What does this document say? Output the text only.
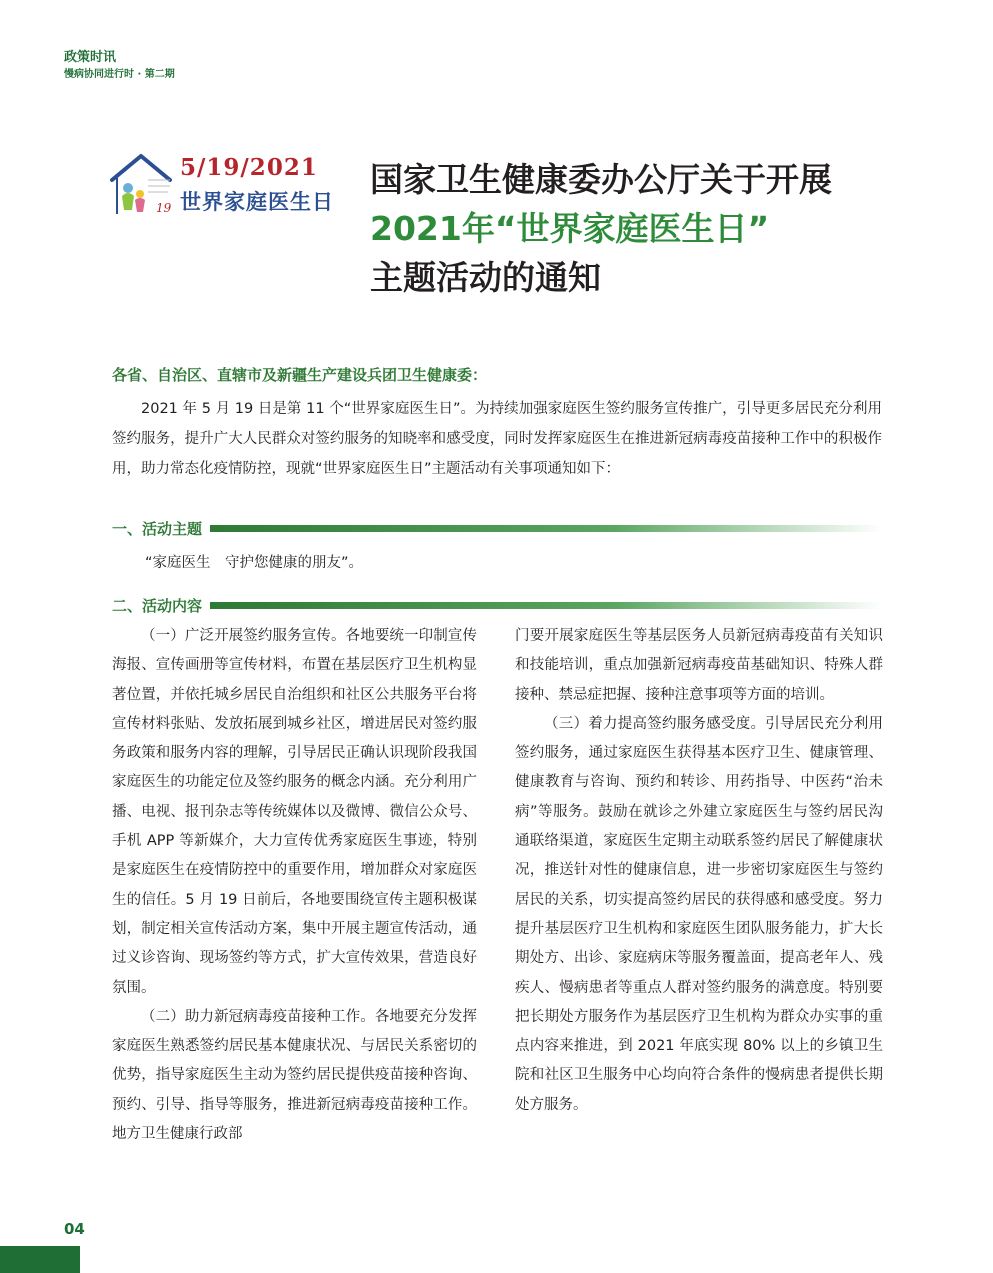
政策时讯
慢病协同进行时 · 第二期
19
5/19/2021
世界家庭医生日
国家卫生健康委办公厅关于开展
2021年“世界家庭医生日”
主题活动的通知
各省、自治区、直辖市及新疆生产建设兵团卫生健康委：
2021 年 5 月 19 日是第 11 个“世界家庭医生日”。为持续加强家庭医生签约服务宣传推广，引导更多居民充分利用签约服务，提升广大人民群众对签约服务的知晓率和感受度，同时发挥家庭医生在推进新冠病毒疫苗接种工作中的积极作用，助力常态化疫情防控，现就“世界家庭医生日”主题活动有关事项通知如下：
一、活动主题
“家庭医生　守护您健康的朋友”。
二、活动内容

（一）广泛开展签约服务宣传。各地要统一印制宣传海报、宣传画册等宣传材料，布置在基层医疗卫生机构显著位置，并依托城乡居民自治组织和社区公共服务平台将宣传材料张贴、发放拓展到城乡社区，增进居民对签约服务政策和服务内容的理解，引导居民正确认识现阶段我国家庭医生的功能定位及签约服务的概念内涵。充分利用广播、电视、报刊杂志等传统媒体以及微博、微信公众号、手机 APP 等新媒介，大力宣传优秀家庭医生事迹，特别是家庭医生在疫情防控中的重要作用，增加群众对家庭医生的信任。5 月 19 日前后，各地要围绕宣传主题积极谋划，制定相关宣传活动方案，集中开展主题宣传活动，通过义诊咨询、现场签约等方式，扩大宣传效果，营造良好氛围。

（二）助力新冠病毒疫苗接种工作。各地要充分发挥家庭医生熟悉签约居民基本健康状况、与居民关系密切的优势，指导家庭医生主动为签约居民提供疫苗接种咨询、预约、引导、指导等服务，推进新冠病毒疫苗接种工作。地方卫生健康行政部

门要开展家庭医生等基层医务人员新冠病毒疫苗有关知识和技能培训，重点加强新冠病毒疫苗基础知识、特殊人群接种、禁忌症把握、接种注意事项等方面的培训。

（三）着力提高签约服务感受度。引导居民充分利用签约服务，通过家庭医生获得基本医疗卫生、健康管理、健康教育与咨询、预约和转诊、用药指导、中医药“治未病”等服务。鼓励在就诊之外建立家庭医生与签约居民沟通联络渠道，家庭医生定期主动联系签约居民了解健康状况，推送针对性的健康信息，进一步密切家庭医生与签约居民的关系，切实提高签约居民的获得感和感受度。努力提升基层医疗卫生机构和家庭医生团队服务能力，扩大长期处方、出诊、家庭病床等服务覆盖面，提高老年人、残疾人、慢病患者等重点人群对签约服务的满意度。特别要把长期处方服务作为基层医疗卫生机构为群众办实事的重点内容来推进，到 2021 年底实现 80% 以上的乡镇卫生院和社区卫生服务中心均向符合条件的慢病患者提供长期处方服务。

04
